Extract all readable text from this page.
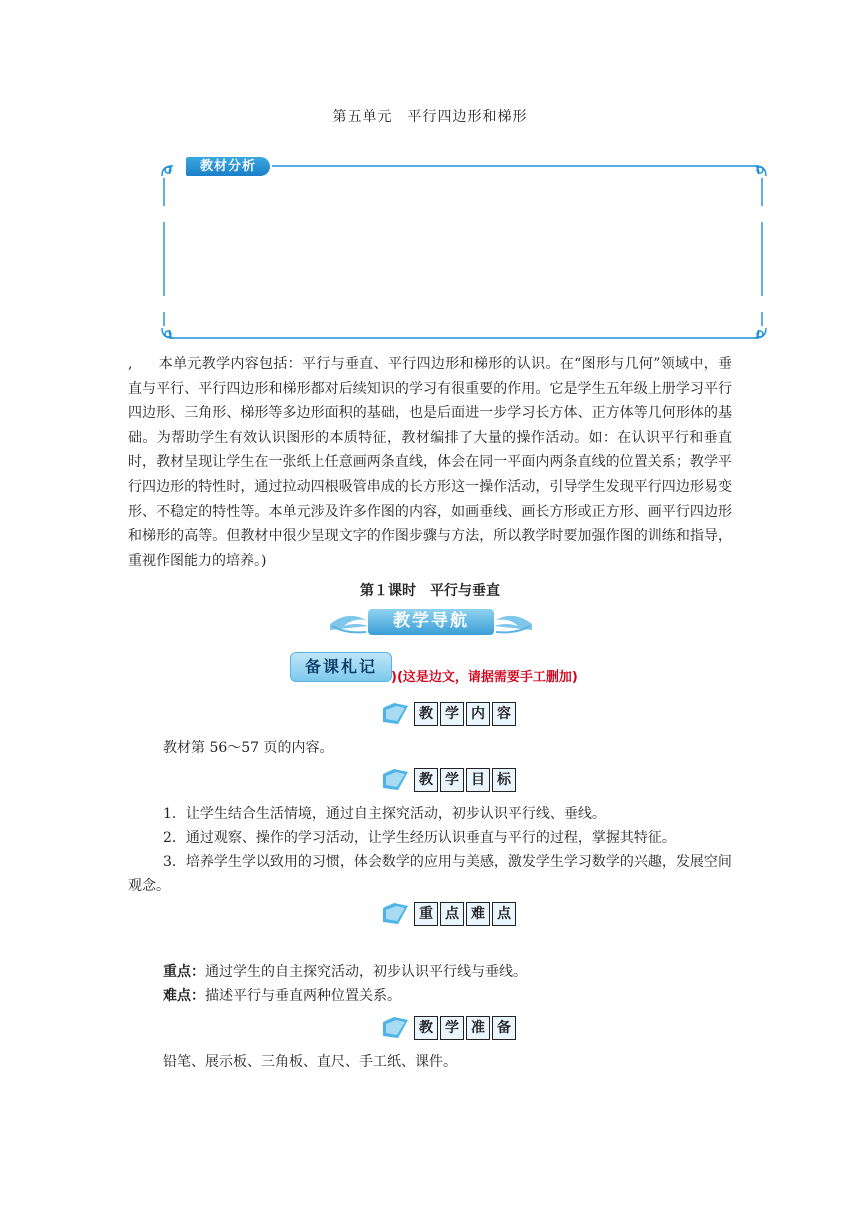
第五单元　平行四边形和梯形
教材分析
, 本单元教学内容包括：平行与垂直、平行四边形和梯形的认识。在“图形与几何”领域中，垂直与平行、平行四边形和梯形都对后续知识的学习有很重要的作用。它是学生五年级上册学习平行四边形、三角形、梯形等多边形面积的基础，也是后面进一步学习长方体、正方体等几何形体的基础。为帮助学生有效认识图形的本质特征，教材编排了大量的操作活动。如：在认识平行和垂直时，教材呈现让学生在一张纸上任意画两条直线，体会在同一平面内两条直线的位置关系；教学平行四边形的特性时，通过拉动四根吸管串成的长方形这一操作活动，引导学生发现平行四边形易变形、不稳定的特性等。本单元涉及许多作图的内容，如画垂线、画长方形或正方形、画平行四边形和梯形的高等。但教材中很少呈现文字的作图步骤与方法，所以教学时要加强作图的训练和指导，重视作图能力的培养。)
第１课时　平行与垂直
教学导航
备课札记
)(这是边文，请据需要手工删加)
教 学 内 容
教材第 56～57 页的内容。
教 学 目 标
1．让学生结合生活情境，通过自主探究活动，初步认识平行线、垂线。
2．通过观察、操作的学习活动，让学生经历认识垂直与平行的过程，掌握其特征。
3．培养学生学以致用的习惯，体会数学的应用与美感，激发学生学习数学的兴趣，发展空间观念。
重 点 难 点
重点：通过学生的自主探究活动，初步认识平行线与垂线。
难点：描述平行与垂直两种位置关系。
教 学 准 备
铅笔、展示板、三角板、直尺、手工纸、课件。
